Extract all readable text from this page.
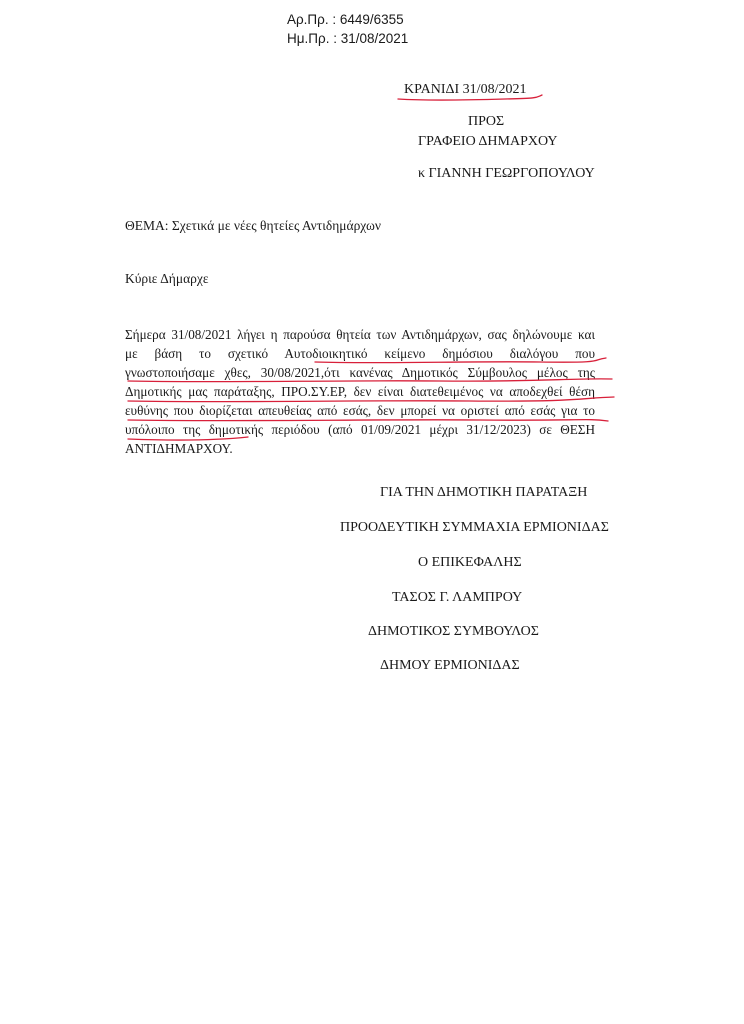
Αρ.Πρ. : 6449/6355
Ημ.Πρ. : 31/08/2021
ΚΡΑΝΙΔΙ 31/08/2021
ΠΡΟΣ
ΓΡΑΦΕΙΟ ΔΗΜΑΡΧΟΥ
κ ΓΙΑΝΝΗ ΓΕΩΡΓΟΠΟΥΛΟΥ
ΘΕΜΑ: Σχετικά με νέες θητείες Αντιδημάρχων
Κύριε Δήμαρχε
Σήμερα 31/08/2021 λήγει η παρούσα θητεία των Αντιδημάρχων, σας δηλώνουμε και
με βάση το σχετικό Αυτοδιοικητικό κείμενο δημόσιου διαλόγου που
γνωστοποιήσαμε χθες, 30/08/2021,ότι κανένας Δημοτικός Σύμβουλος μέλος της
Δημοτικής μας παράταξης, ΠΡΟ.ΣΥ.ΕΡ, δεν είναι διατεθειμένος να αποδεχθεί θέση
ευθύνης που διορίζεται απευθείας από εσάς, δεν μπορεί να οριστεί από εσάς για το
υπόλοιπο της δημοτικής περιόδου (από 01/09/2021 μέχρι 31/12/2023) σε ΘΕΣΗ
ΑΝΤΙΔΗΜΑΡΧΟΥ.
ΓΙΑ ΤΗΝ ΔΗΜΟΤΙΚΗ ΠΑΡΑΤΑΞΗ
ΠΡΟΟΔΕΥΤΙΚΗ ΣΥΜΜΑΧΙΑ ΕΡΜΙΟΝΙΔΑΣ
Ο ΕΠΙΚΕΦΑΛΗΣ
ΤΑΣΟΣ Γ. ΛΑΜΠΡΟΥ
ΔΗΜΟΤΙΚΟΣ ΣΥΜΒΟΥΛΟΣ
ΔΗΜΟΥ ΕΡΜΙΟΝΙΔΑΣ
